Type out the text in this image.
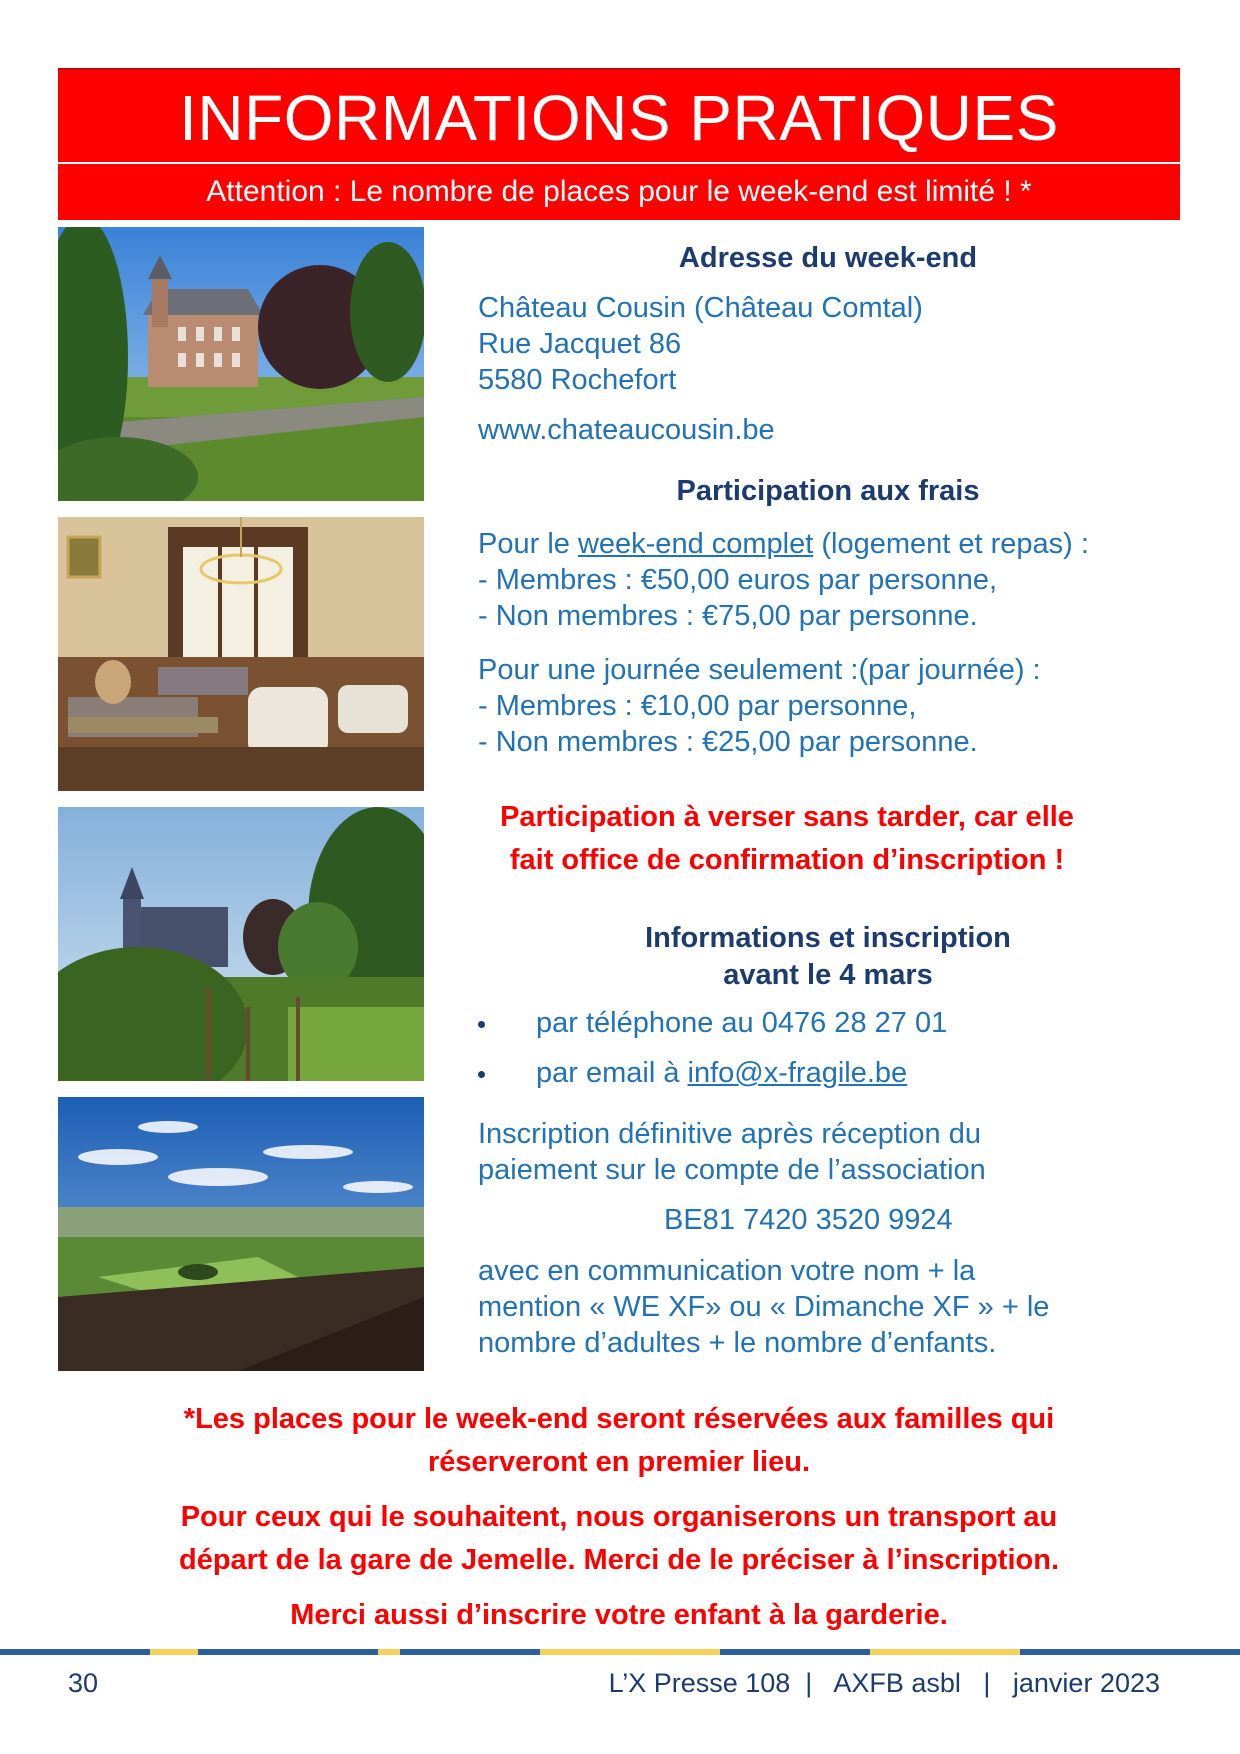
INFORMATIONS PRATIQUES
Attention : Le nombre de places pour le week-end est limité ! *
Adresse du week-end
Château Cousin (Château Comtal)
Rue Jacquet 86
5580 Rochefort
www.chateaucousin.be
Participation aux frais
Pour le week-end complet (logement et repas) :
- Membres : €50,00 euros par personne,
- Non membres : €75,00 par personne.
Pour une journée seulement :(par journée) :
- Membres : €10,00 par personne,
- Non membres : €25,00 par personne.
Participation à verser sans tarder, car elle
fait office de confirmation d’inscription !
Informations et inscription
avant le 4 mars
par téléphone au 0476 28 27 01
par email à info@x-fragile.be
Inscription définitive après réception du
paiement sur le compte de l’association
BE81 7420 3520 9924
avec en communication votre nom + la
mention « WE XF» ou « Dimanche XF » + le
nombre d’adultes + le nombre d’enfants.
*Les places pour le week-end seront réservées aux familles qui
réserveront en premier lieu.
Pour ceux qui le souhaitent, nous organiserons un transport au
départ de la gare de Jemelle. Merci de le préciser à l’inscription.
Merci aussi d’inscrire votre enfant à la garderie.
30	L’X Presse 108  |   AXFB asbl   |   janvier 2023
